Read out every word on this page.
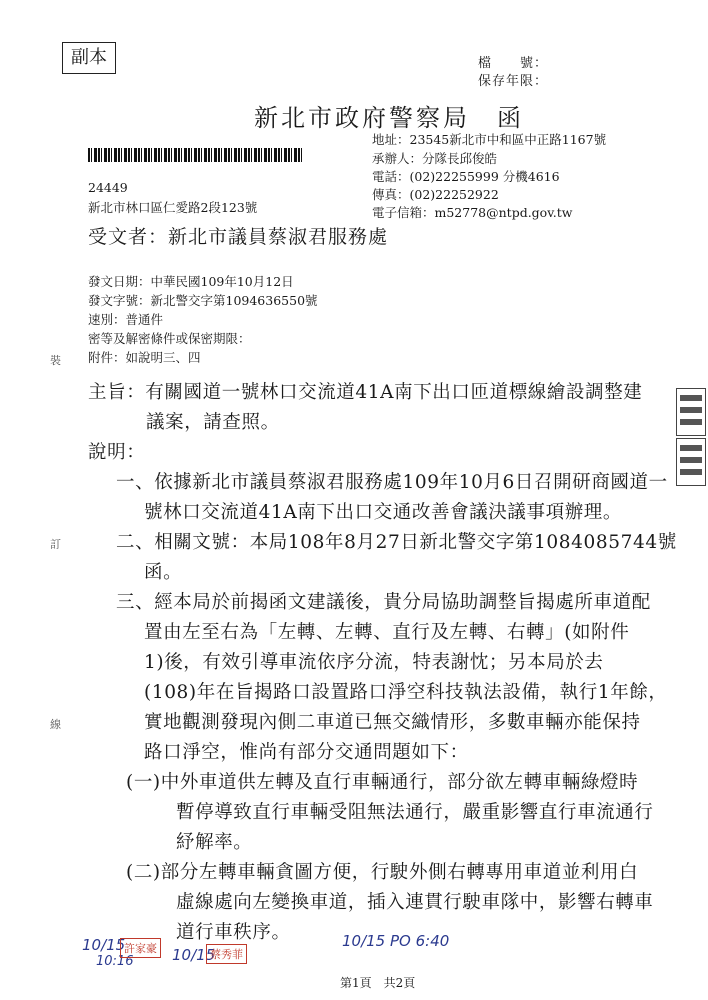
副本	檔　　號：
保存年限：
新北市政府警察局　函
地址：23545新北市中和區中正路1167號
承辦人：分隊長邱俊皓
電話：(02)22255999 分機4616
傳真：(02)22252922
電子信箱：m52778@ntpd.gov.tw
24449
新北市林口區仁愛路2段123號
受文者：新北市議員蔡淑君服務處
發文日期：中華民國109年10月12日
發文字號：新北警交字第1094636550號
速別：普通件
密等及解密條件或保密期限：
附件：如說明三、四
主旨：有關國道一號林口交流道41A南下出口匝道標線繪設調整建
議案，請查照。
說明：
一、依據新北市議員蔡淑君服務處109年10月6日召開研商國道一
號林口交流道41A南下出口交通改善會議決議事項辦理。
二、相關文號：本局108年8月27日新北警交字第1084085744號
函。
三、經本局於前揭函文建議後，貴分局協助調整旨揭處所車道配
置由左至右為「左轉、左轉、直行及左轉、右轉」(如附件
1)後，有效引導車流依序分流，特表謝忱；另本局於去
(108)年在旨揭路口設置路口淨空科技執法設備，執行1年餘，
實地觀測發現內側二車道已無交織情形，多數車輛亦能保持
路口淨空，惟尚有部分交通問題如下：
(一)中外車道供左轉及直行車輛通行，部分欲左轉車輛綠燈時
暫停導致直行車輛受阻無法通行，嚴重影響直行車流通行
紓解率。
(二)部分左轉車輛貪圖方便，行駛外側右轉專用車道並利用白
虛線處向左變換車道，插入連貫行駛車隊中，影響右轉車
道行車秩序。
裝
訂
線
10/15
10:16
許家豪 10/15
蔡秀菲
10/15 PO 6:40
第1頁　共2頁
